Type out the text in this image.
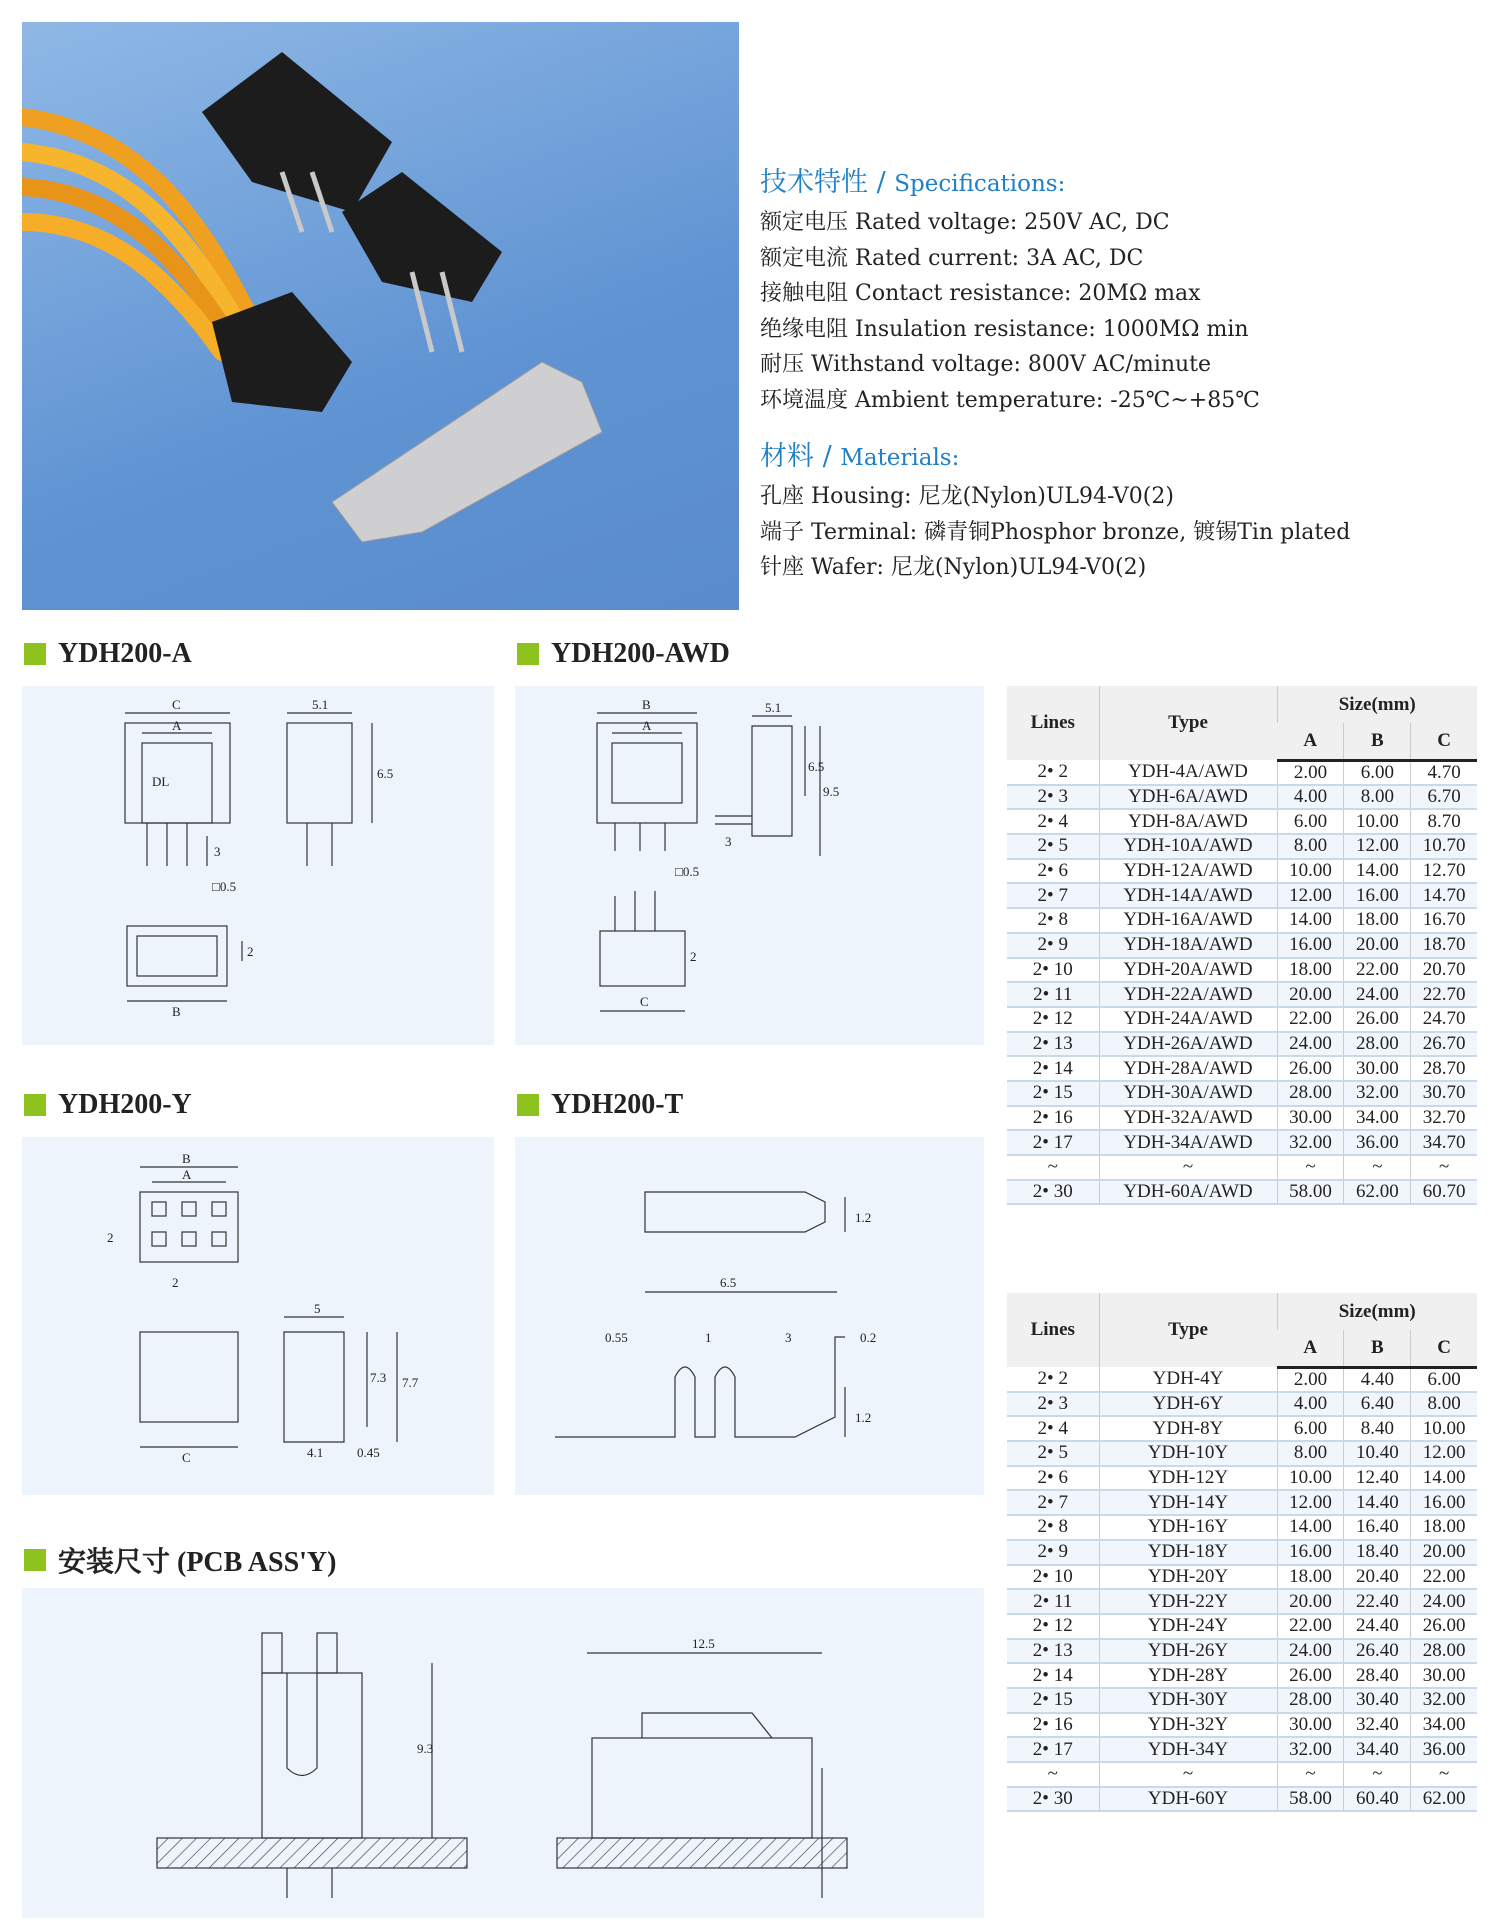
技术特性 / Specifications:

额定电压 Rated voltage: 250V AC, DC

额定电流 Rated current: 3A AC, DC

接触电阻 Contact resistance: 20MΩ max

绝缘电阻 Insulation resistance: 1000MΩ min

耐压 Withstand voltage: 800V AC/minute

环境温度 Ambient temperature: -25℃~+85℃

材料 / Materials:

孔座 Housing: 尼龙(Nylon)UL94-V0(2)

端子 Terminal: 磷青铜Phosphor bronze, 镀锡Tin plated

针座 Wafer: 尼龙(Nylon)UL94-V0(2)

YDH200-A	YDH200-AWD
YDH200-Y	YDH200-T
安装尺寸 (PCB ASS'Y)
C
A
DL
5.1
6.5
3
□0.5
2
B
B
A
5.1
6.5
9.5
3
□0.5
2
C
B
A
2
2
C
5
7.3 7.7
4.1	0.45
6.5
1.2
0.55	1	3	0.2
1.2
9.3
12.5
Lines	Type	Size(mm)		
		A	B	C
2• 2	YDH-4A/AWD	2.00	6.00	4.70
2• 3	YDH-6A/AWD	4.00	8.00	6.70
2• 4	YDH-8A/AWD	6.00	10.00	8.70
2• 5	YDH-10A/AWD	8.00	12.00	10.70
2• 6	YDH-12A/AWD	10.00	14.00	12.70
2• 7	YDH-14A/AWD	12.00	16.00	14.70
2• 8	YDH-16A/AWD	14.00	18.00	16.70
2• 9	YDH-18A/AWD	16.00	20.00	18.70
2• 10	YDH-20A/AWD	18.00	22.00	20.70
2• 11	YDH-22A/AWD	20.00	24.00	22.70
2• 12	YDH-24A/AWD	22.00	26.00	24.70
2• 13	YDH-26A/AWD	24.00	28.00	26.70
2• 14	YDH-28A/AWD	26.00	30.00	28.70
2• 15	YDH-30A/AWD	28.00	32.00	30.70
2• 16	YDH-32A/AWD	30.00	34.00	32.70
2• 17	YDH-34A/AWD	32.00	36.00	34.70
~	~	~	~	~
2• 30	YDH-60A/AWD	58.00	62.00	60.70
Lines	Type	Size(mm)		
		A	B	C
2• 2	YDH-4Y	2.00	4.40	6.00
2• 3	YDH-6Y	4.00	6.40	8.00
2• 4	YDH-8Y	6.00	8.40	10.00
2• 5	YDH-10Y	8.00	10.40	12.00
2• 6	YDH-12Y	10.00	12.40	14.00
2• 7	YDH-14Y	12.00	14.40	16.00
2• 8	YDH-16Y	14.00	16.40	18.00
2• 9	YDH-18Y	16.00	18.40	20.00
2• 10	YDH-20Y	18.00	20.40	22.00
2• 11	YDH-22Y	20.00	22.40	24.00
2• 12	YDH-24Y	22.00	24.40	26.00
2• 13	YDH-26Y	24.00	26.40	28.00
2• 14	YDH-28Y	26.00	28.40	30.00
2• 15	YDH-30Y	28.00	30.40	32.00
2• 16	YDH-32Y	30.00	32.40	34.00
2• 17	YDH-34Y	32.00	34.40	36.00
~	~	~	~	~
2• 30	YDH-60Y	58.00	60.40	62.00
